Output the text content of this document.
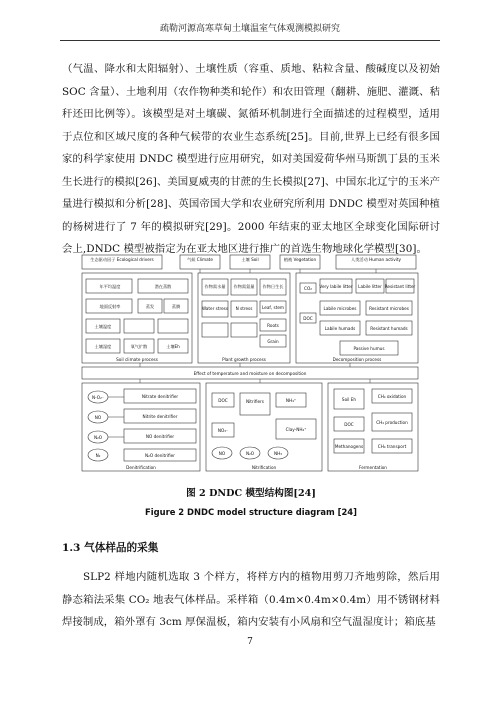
疏勒河源高寒草甸土壤温室气体观测模拟研究
（气温、降水和太阳辐射）、土壤性质（容重、质地、粘粒含量、酸碱度以及初始 SOC 含量）、土地利用（农作物种类和轮作）和农田管理（翻耕、施肥、灌溉、秸秆还田比例等）。该模型是对土壤碳、氮循环机制进行全面描述的过程模型，适用于点位和区域尺度的各种气候带的农业生态系统[25]。目前,世界上已经有很多国家的科学家使用 DNDC 模型进行应用研究，如对美国爱荷华州马斯凯丁县的玉米生长进行的模拟[26]、美国夏威夷的甘蔗的生长模拟[27]、中国东北辽宁的玉米产量进行模拟和分析[28]、英国帝国大学和农业研究所利用 DNDC 模型对英国种植的杨树进行了 7 年的模拟研究[29]。2000 年结束的亚太地区全球变化国际研讨会上,DNDC 模型被指定为在亚太地区进行推广的首选生物地球化学模型[30]。
生态驱动因子 Ecological drivers	气候 Climate	土壤 Soil	植被 Vegetation	人类活动 Human activity
年平均温度	潜在蒸散
地面反射率	蒸发	蒸腾
土壤温度
土壤湿度	氧气扩散	土壤Eh
Soil climate process
作物需水量 作物需氮量 作物日生长
Water stress N stress Leaf, stem
Roots
Grain
Plant growth process
Very labile litter Labile litter Resistant litter
Labile microbes	Resistant microbes
Labile humads	Resistant humads
Passive humus
CO₂
DOC
Decomposition process
Effect of temperature and moisture on decomposition
N-O₂⁻
NO
N₂O
N₂
Nitrate denitrifier
Nitrite denitrifier
NO denitrifier
N₂O denitrifier
Denitrification
DOC	Nitrifiers	NH₄⁺
NO₃⁻	Clay-NH₄⁺
NO	N₂O	NH₃
Nitrification
Soil Eh
CH₄ oxidation
DOC	CH₄ production
Methanogens	CH₄ transport
Fermentation
图 2 DNDC 模型结构图[24]
Figure 2 DNDC model structure diagram [24]
1.3 气体样品的采集
SLP2 样地内随机选取 3 个样方，将样方内的植物用剪刀齐地剪除，然后用静态箱法采集 CO₂ 地表气体样品。采样箱（0.4m×0.4m×0.4m）用不锈钢材料焊接制成，箱外罩有 3cm 厚保温板，箱内安装有小风扇和空气温湿度计；箱底基
7
